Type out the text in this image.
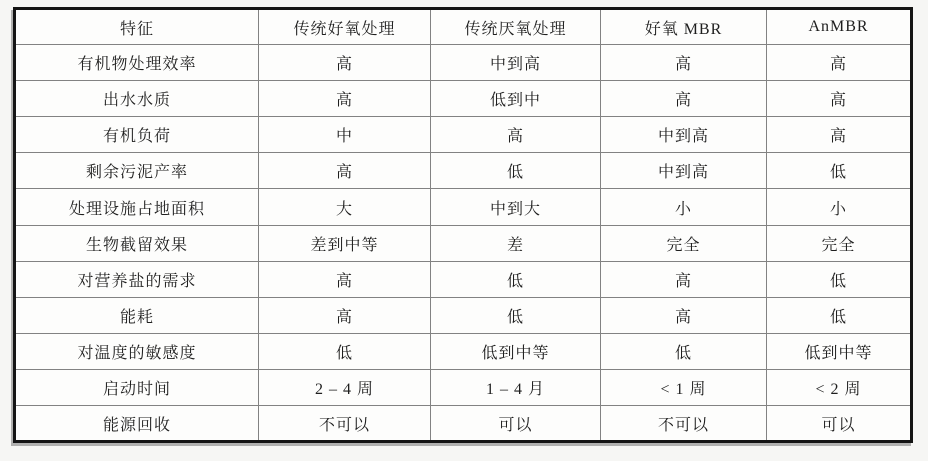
特征	传统好氧处理	传统厌氧处理	好氧 MBR	AnMBR
有机物处理效率	高	中到高	高	高
出水水质	高	低到中	高	高
有机负荷	中	高	中到高	高
剩余污泥产率	高	低	中到高	低
处理设施占地面积	大	中到大	小	小
生物截留效果	差到中等	差	完全	完全
对营养盐的需求	高	低	高	低
能耗	高	低	高	低
对温度的敏感度	低	低到中等	低	低到中等
启动时间	2 – 4 周	1 – 4 月	< 1 周	< 2 周
能源回收	不可以	可以	不可以	可以
